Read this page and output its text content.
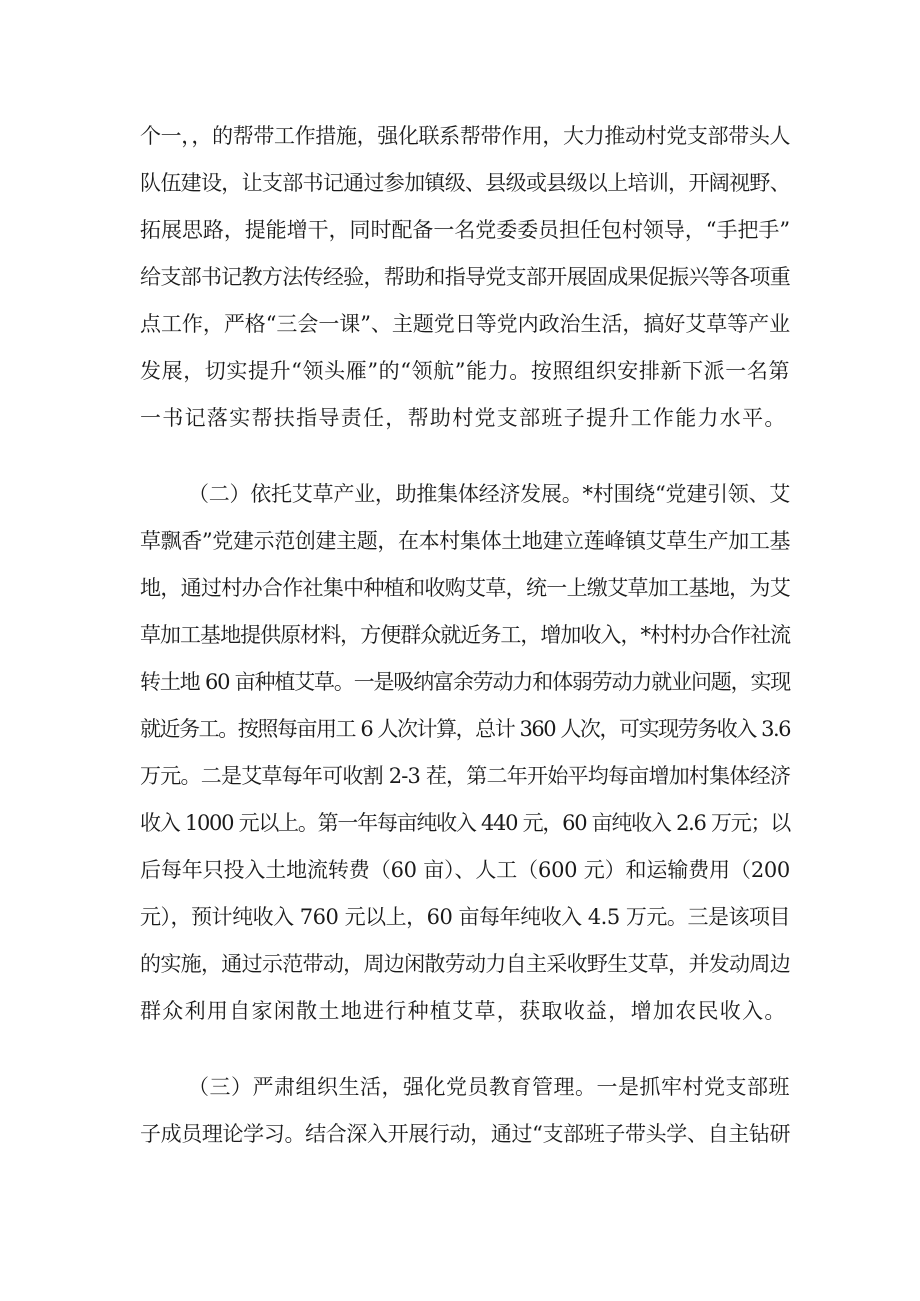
个一，，的帮带工作措施，强化联系帮带作用，大力推动村党支部带头人
队伍建设，让支部书记通过参加镇级、县级或县级以上培训，开阔视野、
拓展思路，提能增干，同时配备一名党委委员担任包村领导，“手把手”
给支部书记教方法传经验，帮助和指导党支部开展固成果促振兴等各项重
点工作，严格“三会一课”、主题党日等党内政治生活，搞好艾草等产业
发展，切实提升“领头雁”的“领航”能力。按照组织安排新下派一名第
一书记落实帮扶指导责任，帮助村党支部班子提升工作能力水平。
（二）依托艾草产业，助推集体经济发展。*村围绕“党建引领、艾
草飘香”党建示范创建主题，在本村集体土地建立莲峰镇艾草生产加工基
地，通过村办合作社集中种植和收购艾草，统一上缴艾草加工基地，为艾
草加工基地提供原材料，方便群众就近务工，增加收入，*村村办合作社流
转土地 60 亩种植艾草。一是吸纳富余劳动力和体弱劳动力就业问题，实现
就近务工。按照每亩用工 6 人次计算，总计 360 人次，可实现劳务收入 3.6
万元。二是艾草每年可收割 2-3 茬，第二年开始平均每亩增加村集体经济
收入 1000 元以上。第一年每亩纯收入 440 元，60 亩纯收入 2.6 万元；以
后每年只投入土地流转费（60 亩）、人工（600 元）和运输费用（200
元），预计纯收入 760 元以上，60 亩每年纯收入 4.5 万元。三是该项目
的实施，通过示范带动，周边闲散劳动力自主采收野生艾草，并发动周边
群众利用自家闲散土地进行种植艾草，获取收益，增加农民收入。
（三）严肃组织生活，强化党员教育管理。一是抓牢村党支部班
子成员理论学习。结合深入开展行动，通过“支部班子带头学、自主钻研
